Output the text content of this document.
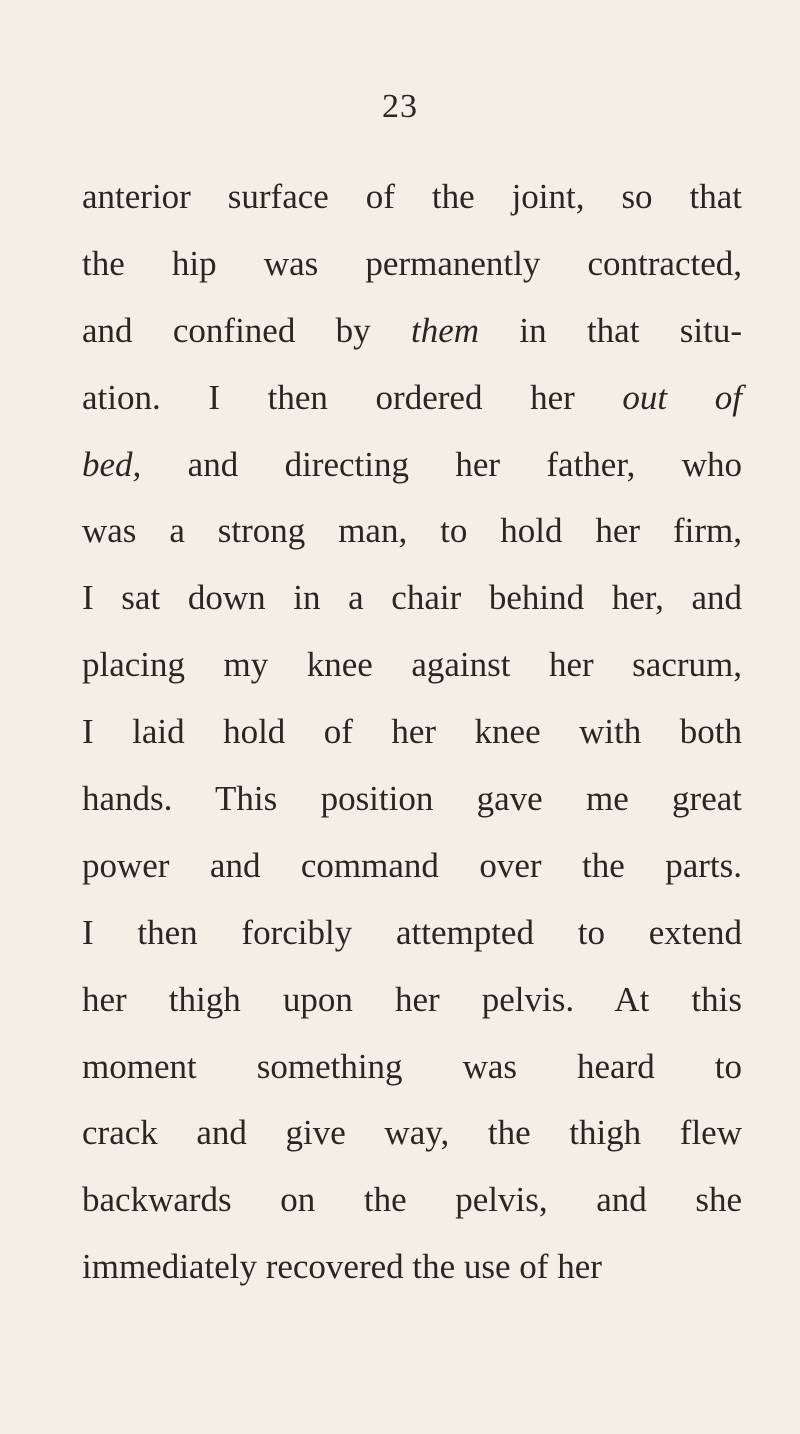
23
anterior surface of the joint, so that
the hip was permanently contracted,
and confined by them in that situ-
ation. I then ordered her out of
bed, and directing her father, who
was a strong man, to hold her firm,
I sat down in a chair behind her, and
placing my knee against her sacrum,
I laid hold of her knee with both
hands. This position gave me great
power and command over the parts.
I then forcibly attempted to extend
her thigh upon her pelvis. At this
moment something was heard to
crack and give way, the thigh flew
backwards on the pelvis, and she
immediately recovered the use of her
